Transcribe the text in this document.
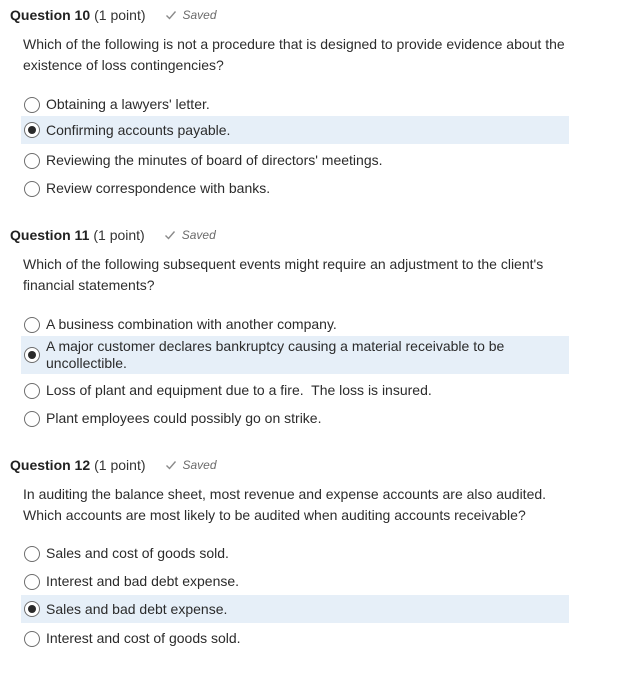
Question 10 (1 point)	Saved
Which of the following is not a procedure that is designed to provide evidence about the existence of loss contingencies?
Obtaining a lawyers' letter.
Confirming accounts payable.
Reviewing the minutes of board of directors' meetings.
Review correspondence with banks.
Question 11 (1 point)	Saved
Which of the following subsequent events might require an adjustment to the client's financial statements?
A business combination with another company.
A major customer declares bankruptcy causing a material receivable to be uncollectible.
Loss of plant and equipment due to a fire.  The loss is insured.
Plant employees could possibly go on strike.
Question 12 (1 point)	Saved
In auditing the balance sheet, most revenue and expense accounts are also audited. Which accounts are most likely to be audited when auditing accounts receivable?
Sales and cost of goods sold.
Interest and bad debt expense.
Sales and bad debt expense.
Interest and cost of goods sold.
